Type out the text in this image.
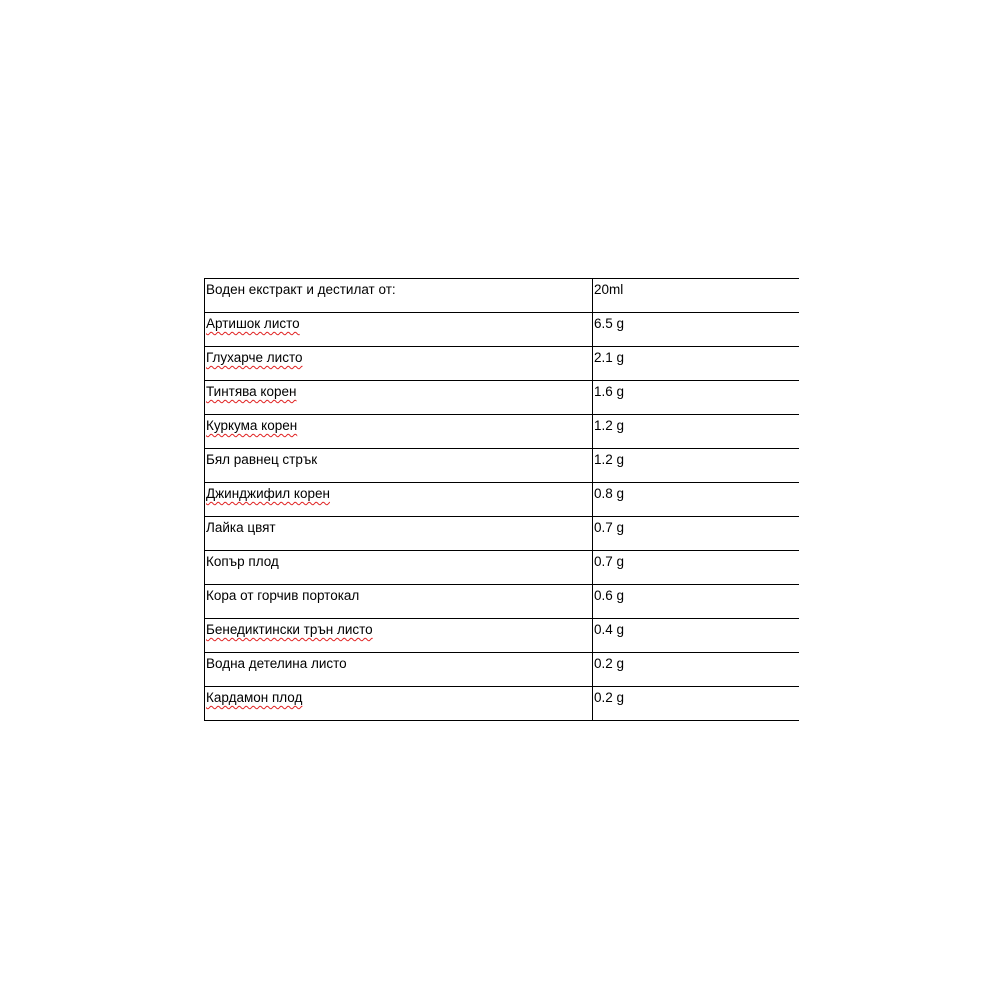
Воден екстракт и дестилат от:	20ml
Артишок листо	6.5 g
Глухарче листо	2.1 g
Тинтява корен	1.6 g
Куркума корен	1.2 g
Бял равнец стрък	1.2 g
Джинджифил корен	0.8 g
Лайка цвят	0.7 g
Копър плод	0.7 g
Кора от горчив портокал	0.6 g
Бенедиктински трън листо	0.4 g
Водна детелина листо	0.2 g
Кардамон плод	0.2 g
